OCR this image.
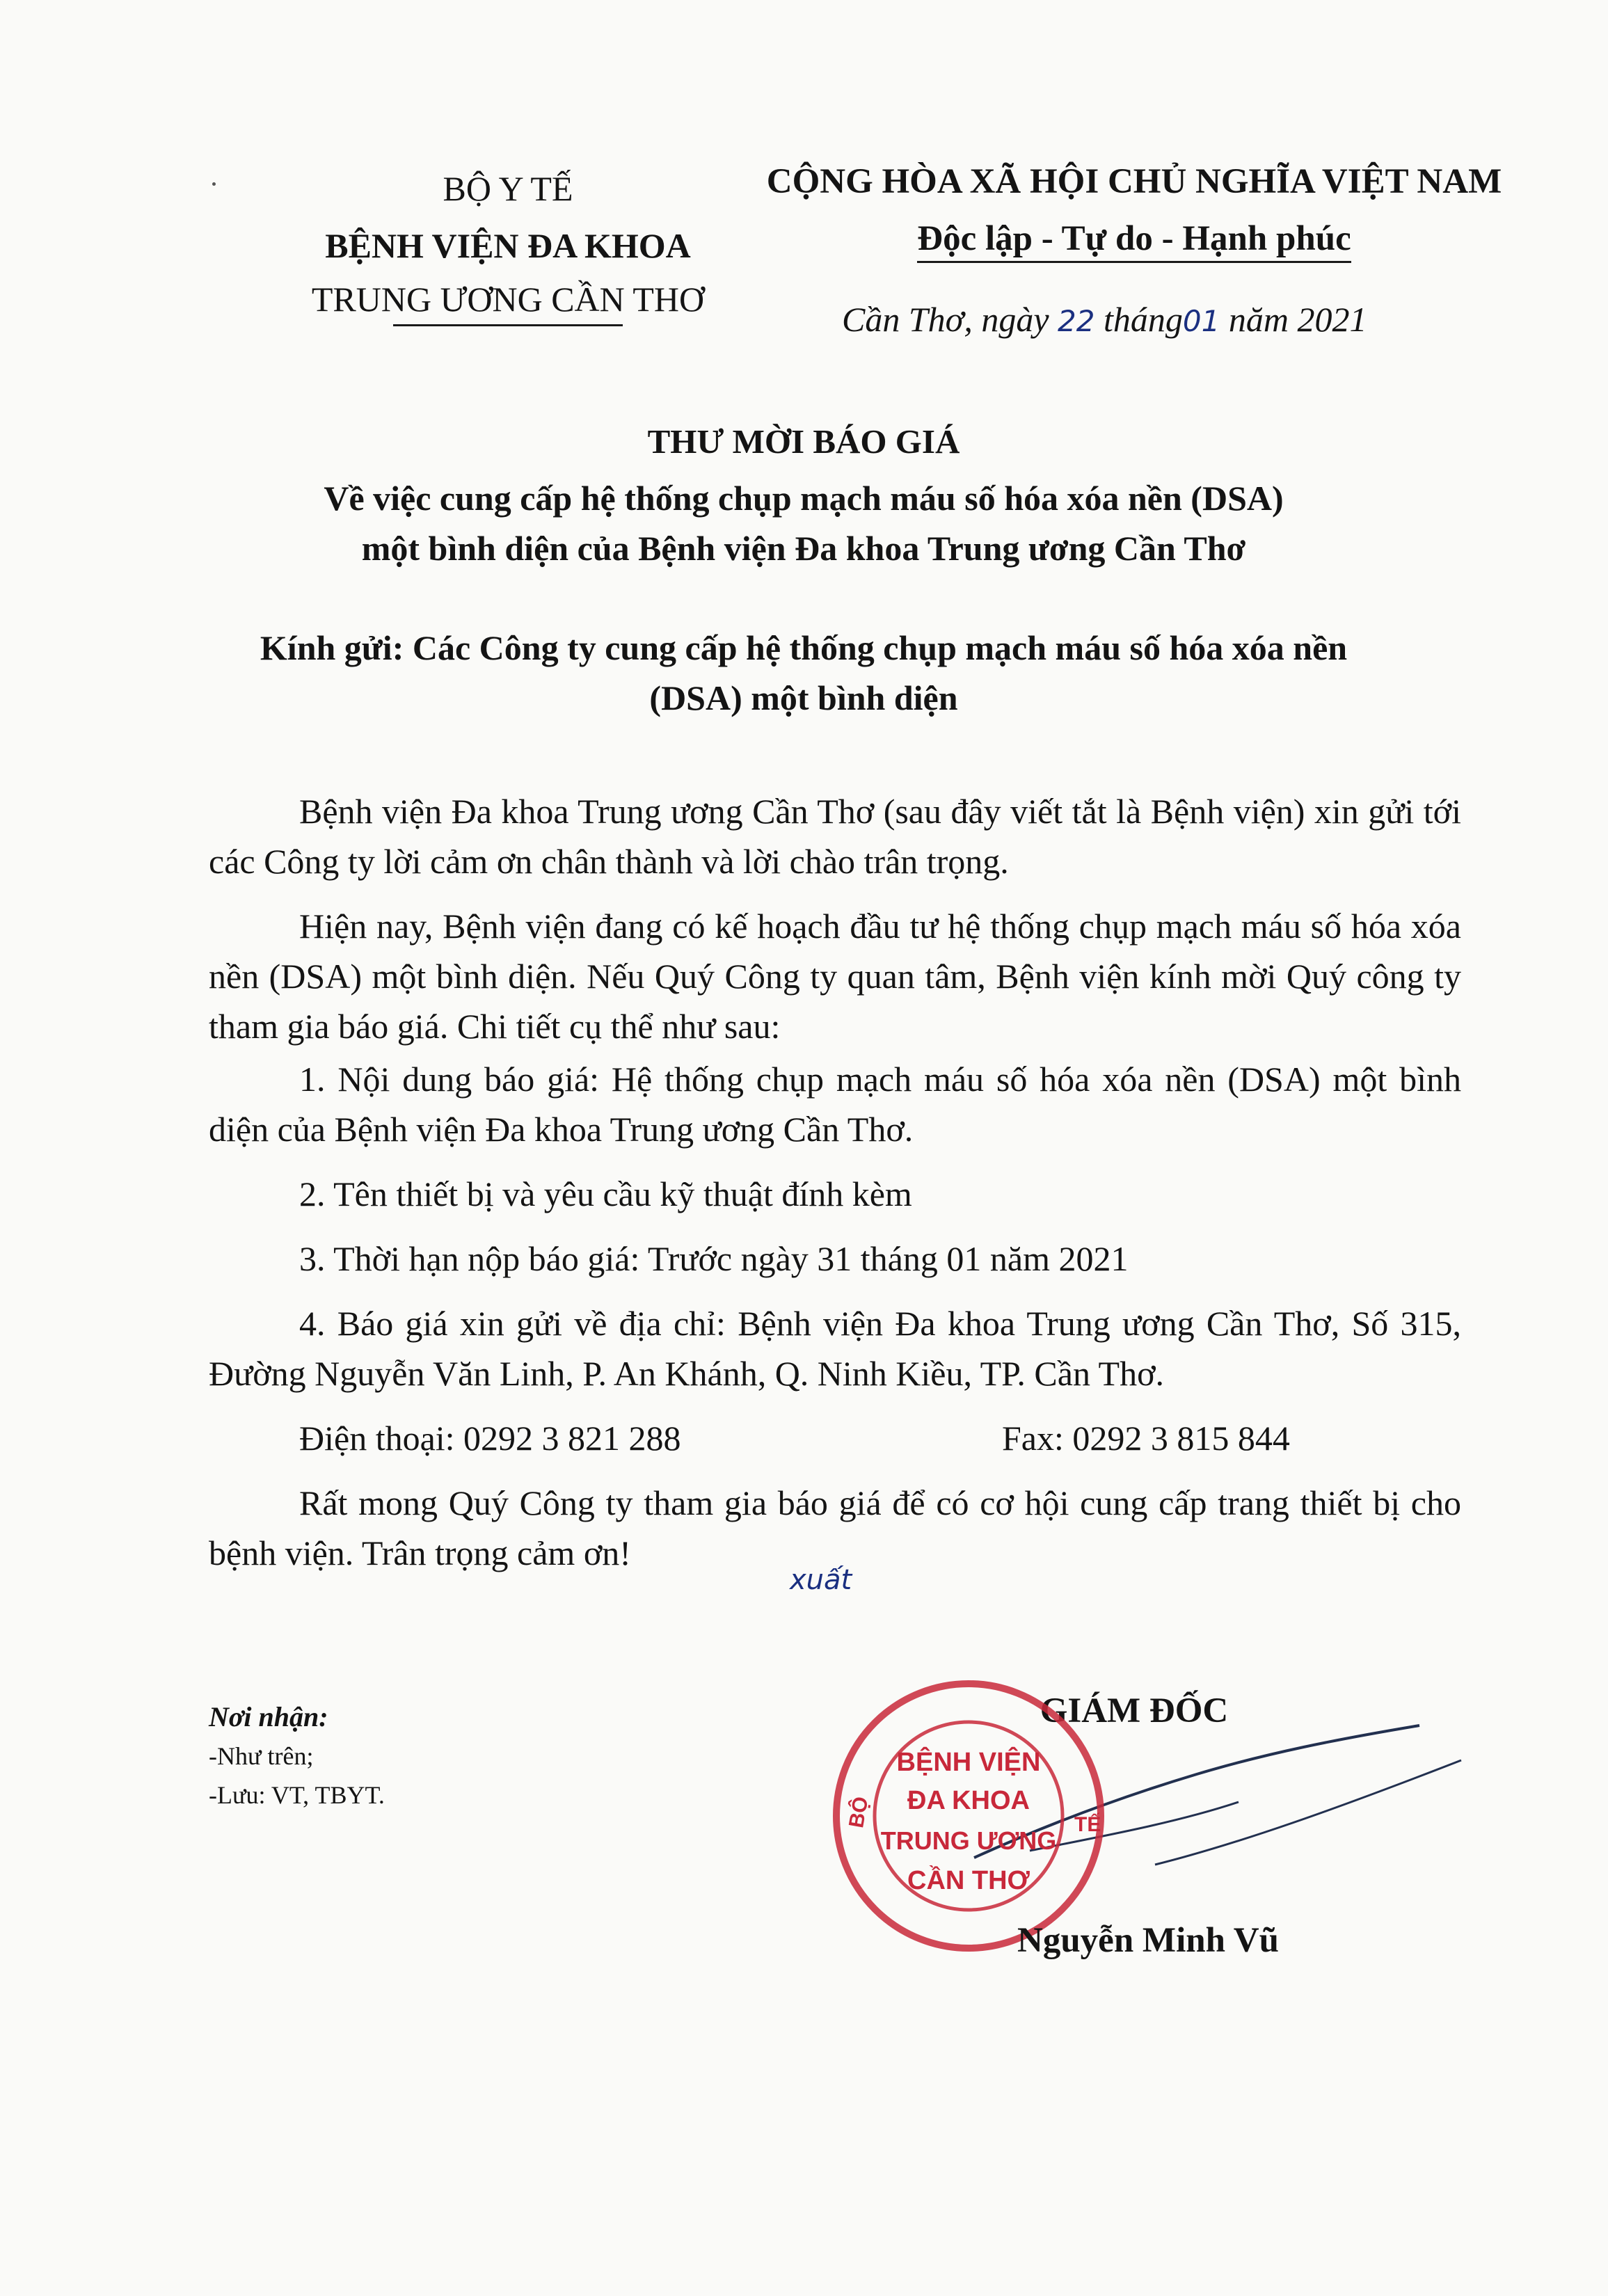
BỘ Y TẾ
BỆNH VIỆN ĐA KHOA
TRUNG ƯƠNG CẦN THƠ
CỘNG HÒA XÃ HỘI CHỦ NGHĨA VIỆT NAM
Độc lập - Tự do - Hạnh phúc
Cần Thơ, ngày 22 tháng01 năm 2021
THƯ MỜI BÁO GIÁ
Về việc cung cấp hệ thống chụp mạch máu số hóa xóa nền (DSA)
một bình diện của Bệnh viện Đa khoa Trung ương Cần Thơ
Kính gửi: Các Công ty cung cấp hệ thống chụp mạch máu số hóa xóa nền
(DSA) một bình diện

Bệnh viện Đa khoa Trung ương Cần Thơ (sau đây viết tắt là Bệnh viện) xin gửi tới các Công ty lời cảm ơn chân thành và lời chào trân trọng.

Hiện nay, Bệnh viện đang có kế hoạch đầu tư hệ thống chụp mạch máu số hóa xóa nền (DSA) một bình diện. Nếu Quý Công ty quan tâm, Bệnh viện kính mời Quý công ty tham gia báo giá. Chi tiết cụ thể như sau:

1. Nội dung báo giá: Hệ thống chụp mạch máu số hóa xóa nền (DSA) một bình diện của Bệnh viện Đa khoa Trung ương Cần Thơ.

2. Tên thiết bị và yêu cầu kỹ thuật đính kèm

3. Thời hạn nộp báo giá: Trước ngày 31 tháng 01 năm 2021

4. Báo giá xin gửi về địa chỉ: Bệnh viện Đa khoa Trung ương Cần Thơ, Số 315, Đường Nguyễn Văn Linh, P. An Khánh, Q. Ninh Kiều, TP. Cần Thơ.

Điện thoại: 0292 3 821 288	Fax: 0292 3 815 844

Rất mong Quý Công ty tham gia báo giá để có cơ hội cung cấp trang thiết bị cho bệnh viện. Trân trọng cảm ơn!

xuất
Nơi nhận:
-Như trên;
-Lưu: VT, TBYT.
GIÁM ĐỐC
BỘ	TẾ
BỆNH VIỆN
ĐA KHOA
TRUNG ƯƠNG
CẦN THƠ
Nguyễn Minh Vũ
